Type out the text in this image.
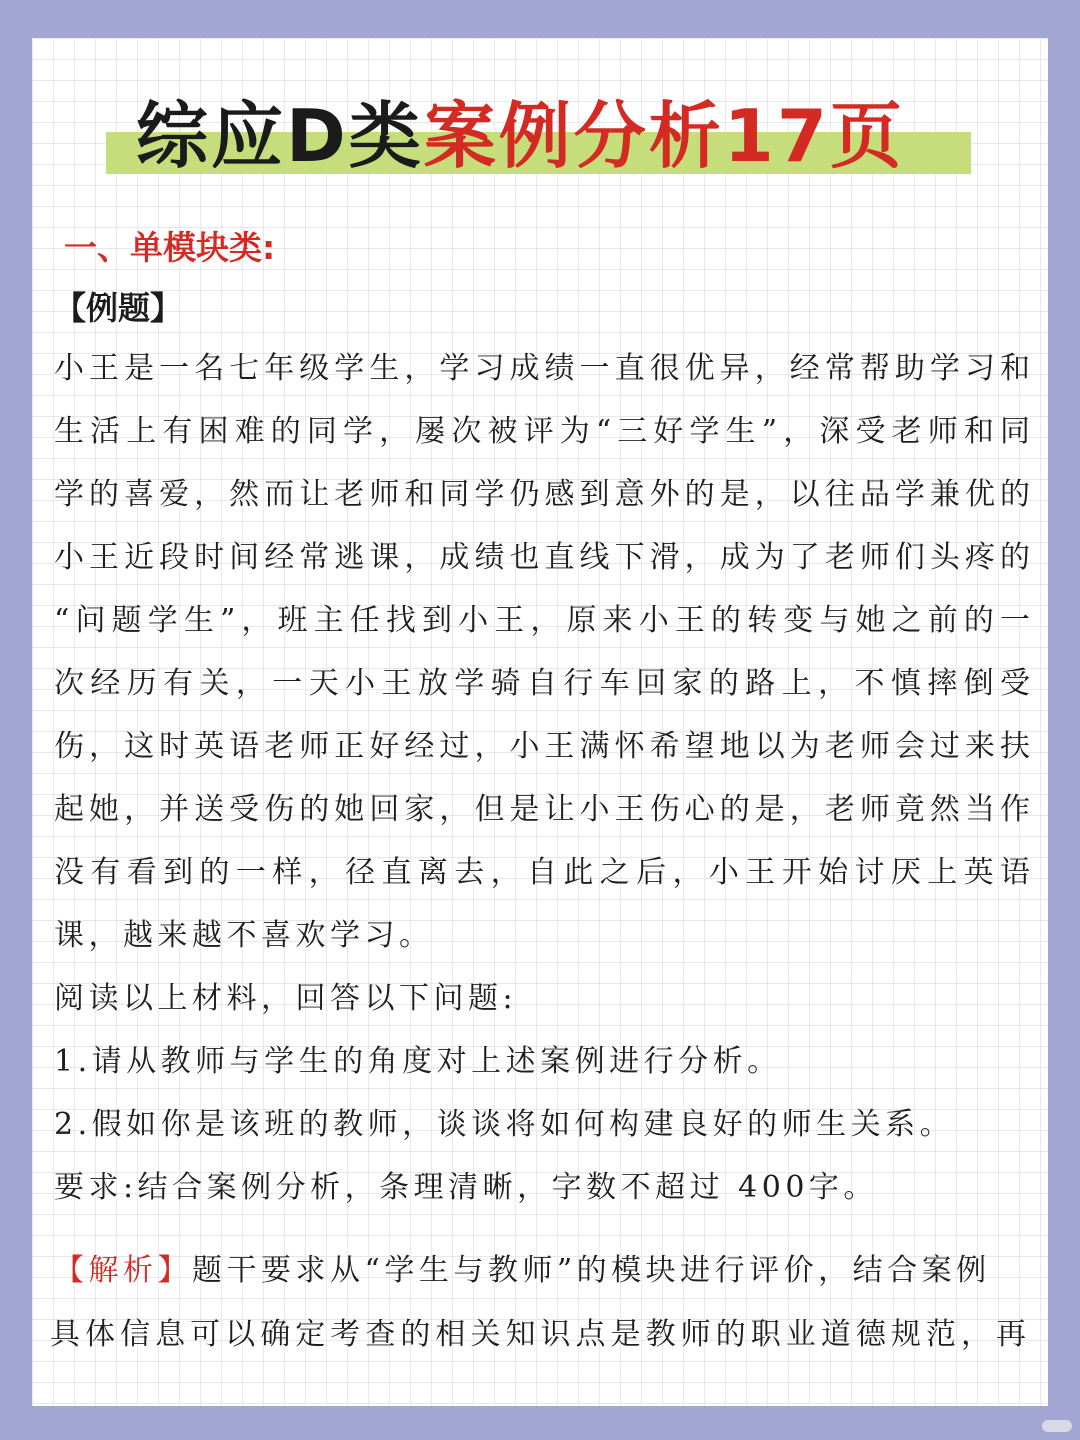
综应D类案例分析17页
一、单模块类:
【例题】
小王是一名七年级学生，学习成绩一直很优异，经常帮助学习和
生活上有困难的同学，屡次被评为“三好学生”，深受老师和同
学的喜爱，然而让老师和同学仍感到意外的是，以往品学兼优的
小王近段时间经常逃课，成绩也直线下滑，成为了老师们头疼的
“问题学生”，班主任找到小王，原来小王的转变与她之前的一
次经历有关，一天小王放学骑自行车回家的路上，不慎摔倒受
伤，这时英语老师正好经过，小王满怀希望地以为老师会过来扶
起她，并送受伤的她回家，但是让小王伤心的是，老师竟然当作
没有看到的一样，径直离去，自此之后，小王开始讨厌上英语
课，越来越不喜欢学习。
阅读以上材料，回答以下问题:
1.请从教师与学生的角度对上述案例进行分析。
2.假如你是该班的教师，谈谈将如何构建良好的师生关系。
要求:结合案例分析，条理清晰，字数不超过 400字。
【解析】题干要求从“学生与教师”的模块进行评价，结合案例
具体信息可以确定考查的相关知识点是教师的职业道德规范，再
